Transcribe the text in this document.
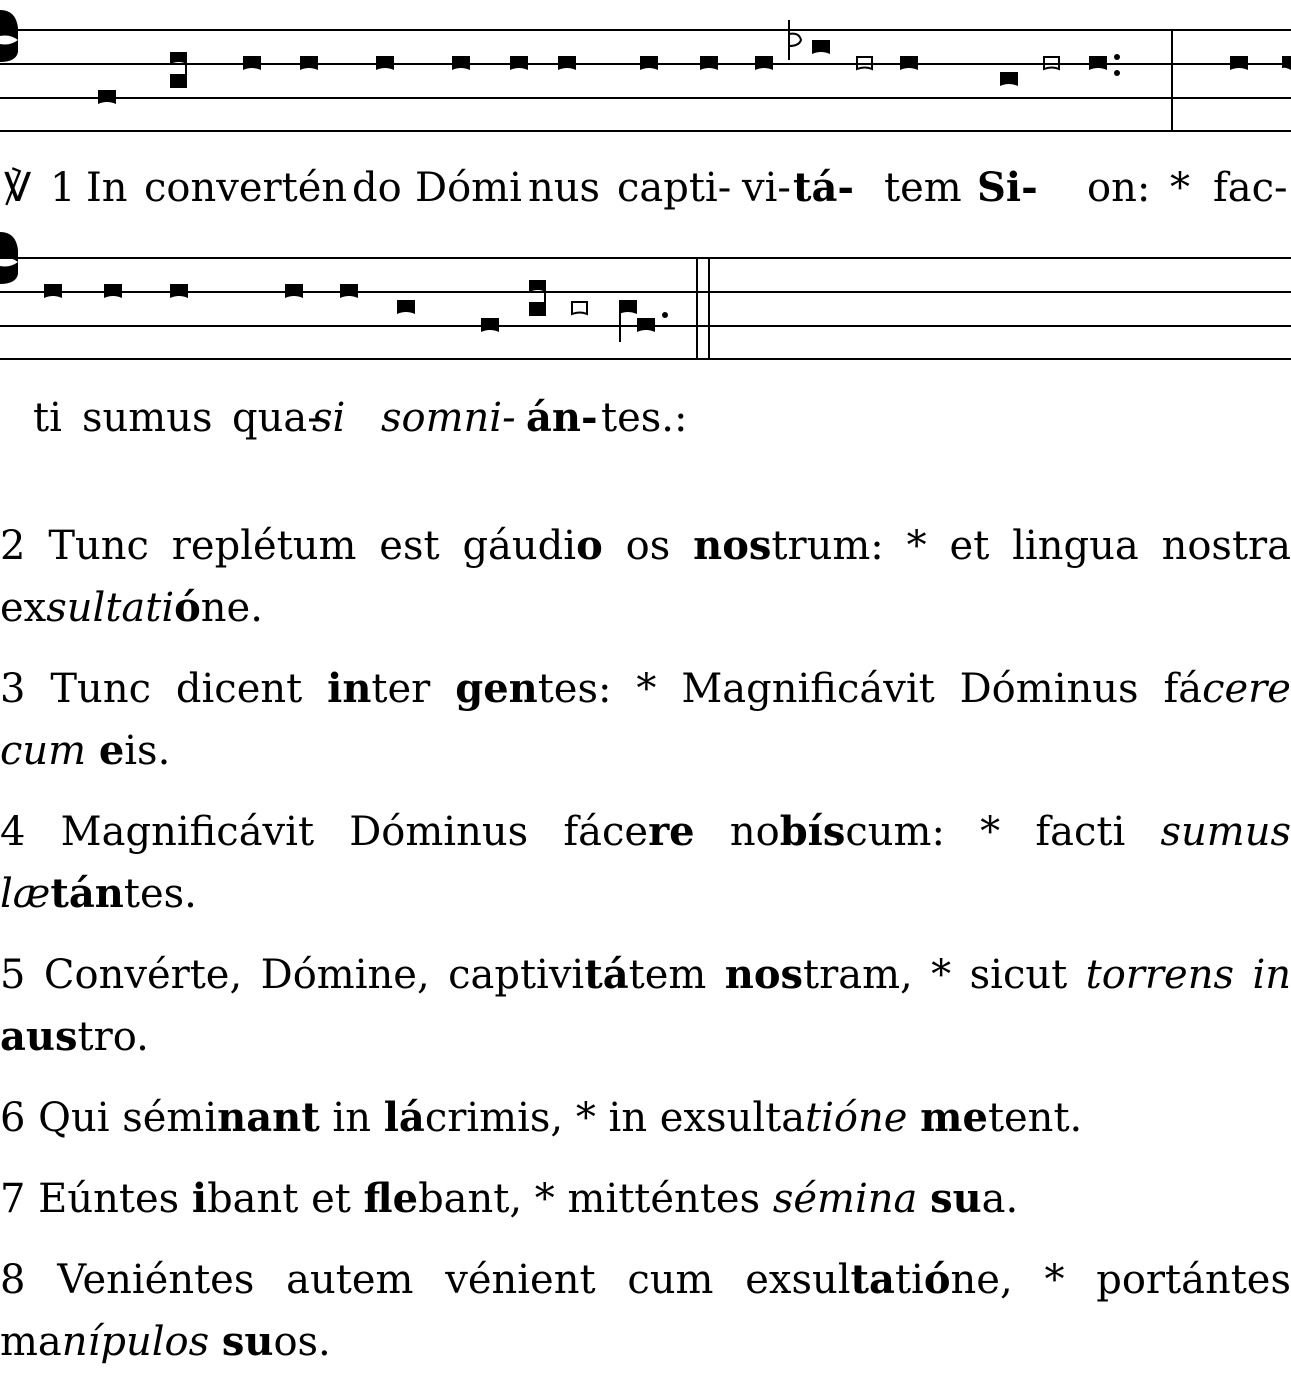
℣ 1 In convertén do Dómi nus capti- vi- tá- tem Si- on: * fac-
ti sumus qua-
si somni- án- tes.:

2 Tunc replétum est gáudio os nostrum: * et lingua nostra exsultatióne.

3 Tunc dicent inter gentes: * Magnificávit Dóminus fácere cum eis.

4 Magnificávit Dóminus fácere nobíscum: * facti sumus lætántes.

5 Convérte, Dómine, captivitátem nostram, * sicut torrens in austro.

6 Qui séminant in lácrimis, * in exsultatióne metent.

7 Eúntes ibant et flebant, * mitténtes sémina sua.

8 Veniéntes autem vénient cum exsultatióne, * portántes manípulos suos.
